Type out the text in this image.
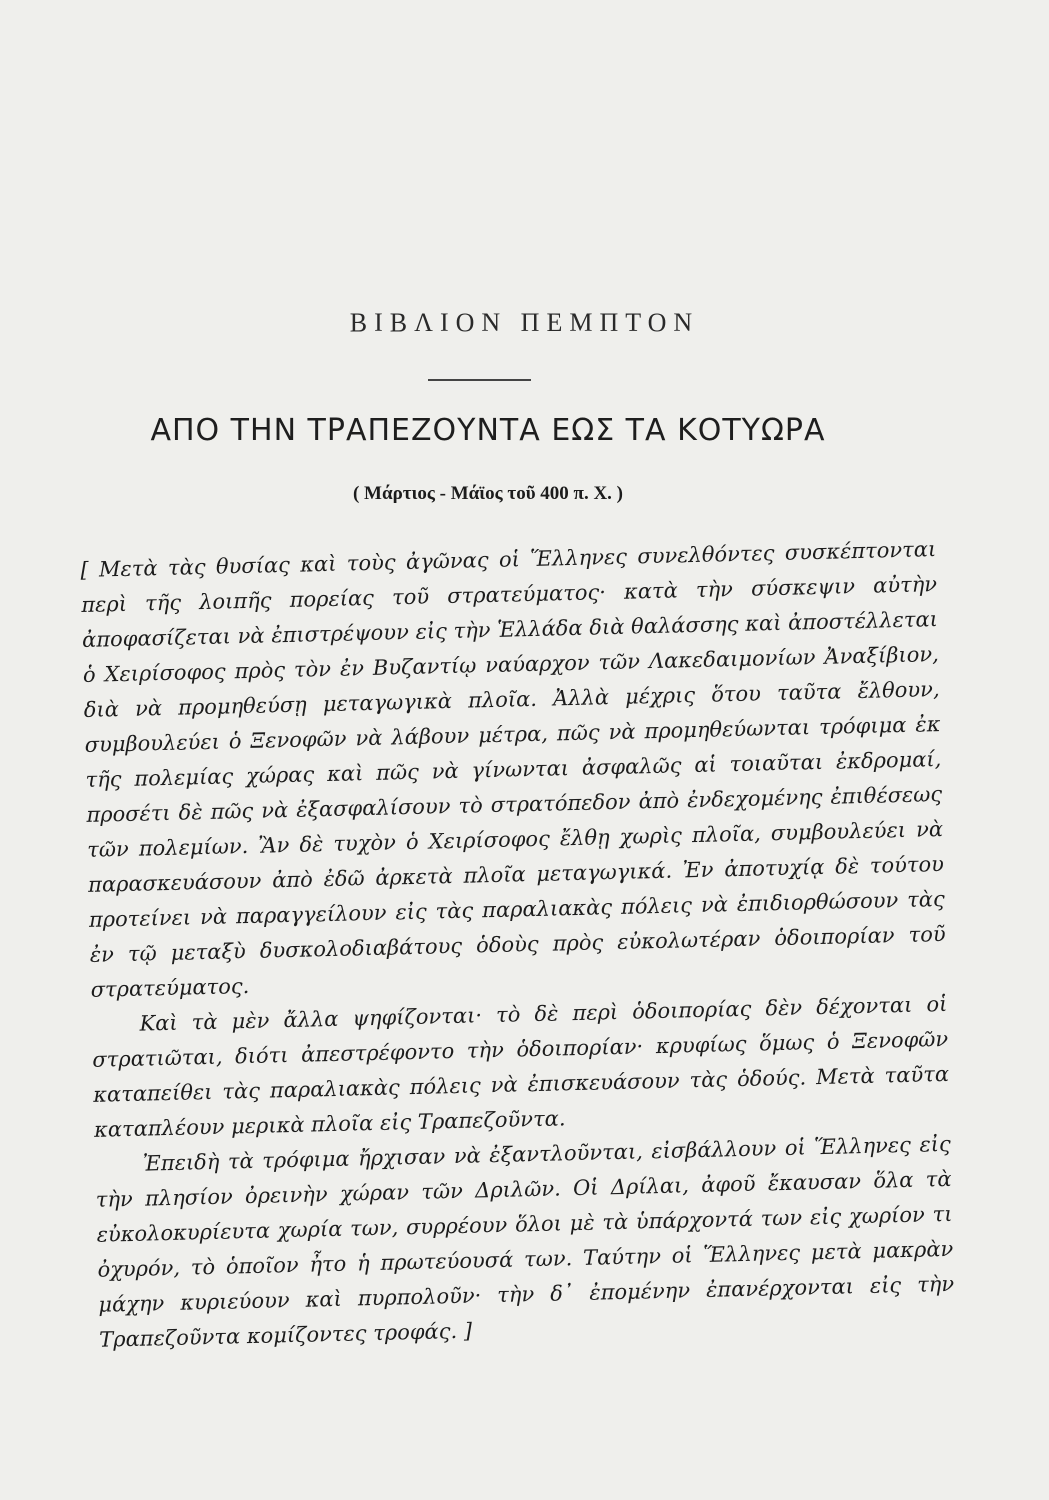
ΒΙΒΛΙΟΝ ΠΕΜΠΤΟΝ
ΑΠΟ ΤΗΝ ΤΡΑΠΕΖΟΥΝΤΑ ΕΩΣ ΤΑ ΚΟΤΥΩΡΑ
( Μάρτιος - Μάϊος τοῦ 400 π. Χ. )

[ Μετὰ τὰς θυσίας καὶ τοὺς ἀγῶνας οἱ Ἕλληνες συνελθόντες συσκέπτονται περὶ τῆς λοιπῆς πορείας τοῦ στρατεύματος· κατὰ τὴν σύσκεψιν αὐτὴν ἀποφασίζεται νὰ ἐπιστρέψουν εἰς τὴν Ἑλλάδα διὰ θαλάσσης καὶ ἀποστέλλεται ὁ Χειρίσοφος πρὸς τὸν ἐν Βυζαντίῳ ναύαρχον τῶν Λακεδαιμονίων Ἀναξίβιον, διὰ νὰ προμηθεύσῃ μεταγωγικὰ πλοῖα. Ἀλλὰ μέχρις ὅτου ταῦτα ἔλθουν, συμβουλεύει ὁ Ξενοφῶν νὰ λάβουν μέτρα, πῶς νὰ προμηθεύωνται τρόφιμα ἐκ τῆς πολεμίας χώρας καὶ πῶς νὰ γίνωνται ἀσφαλῶς αἱ τοιαῦται ἐκδρομαί, προσέτι δὲ πῶς νὰ ἐξασφαλίσουν τὸ στρατόπεδον ἀπὸ ἐνδεχομένης ἐπιθέσεως τῶν πολεμίων. Ἂν δὲ τυχὸν ὁ Χειρίσοφος ἔλθῃ χωρὶς πλοῖα, συμβουλεύει νὰ παρασκευάσουν ἀπὸ ἐδῶ ἀρκετὰ πλοῖα μεταγωγικά. Ἐν ἀποτυχίᾳ δὲ τούτου προτείνει νὰ παραγγείλουν εἰς τὰς παραλιακὰς πόλεις νὰ ἐπιδιορθώσουν τὰς ἐν τῷ μεταξὺ δυσκολοδιαβάτους ὁδοὺς πρὸς εὐκολωτέραν ὁδοιπορίαν τοῦ στρατεύματος.

Καὶ τὰ μὲν ἄλλα ψηφίζονται· τὸ δὲ περὶ ὁδοιπορίας δὲν δέχονται οἱ στρατιῶται, διότι ἀπεστρέφοντο τὴν ὁδοιπορίαν· κρυφίως ὅμως ὁ Ξενοφῶν καταπείθει τὰς παραλιακὰς πόλεις νὰ ἐπισκευάσουν τὰς ὁδούς. Μετὰ ταῦτα καταπλέουν μερικὰ πλοῖα εἰς Τραπεζοῦντα.

Ἐπειδὴ τὰ τρόφιμα ἤρχισαν νὰ ἐξαντλοῦνται, εἰσβάλλουν οἱ Ἕλληνες εἰς τὴν πλησίον ὀρεινὴν χώραν τῶν Δριλῶν. Οἱ Δρίλαι, ἀφοῦ ἔκαυσαν ὅλα τὰ εὐκολοκυρίευτα χωρία των, συρρέουν ὅλοι μὲ τὰ ὑπάρχοντά των εἰς χωρίον τι ὀχυρόν, τὸ ὁποῖον ἦτο ἡ πρωτεύουσά των. Ταύτην οἱ Ἕλληνες μετὰ μακρὰν μάχην κυριεύουν καὶ πυρπολοῦν· τὴν δ᾽ ἐπομένην ἐπανέρχονται εἰς τὴν Τραπεζοῦντα κομίζοντες τροφάς. ]
